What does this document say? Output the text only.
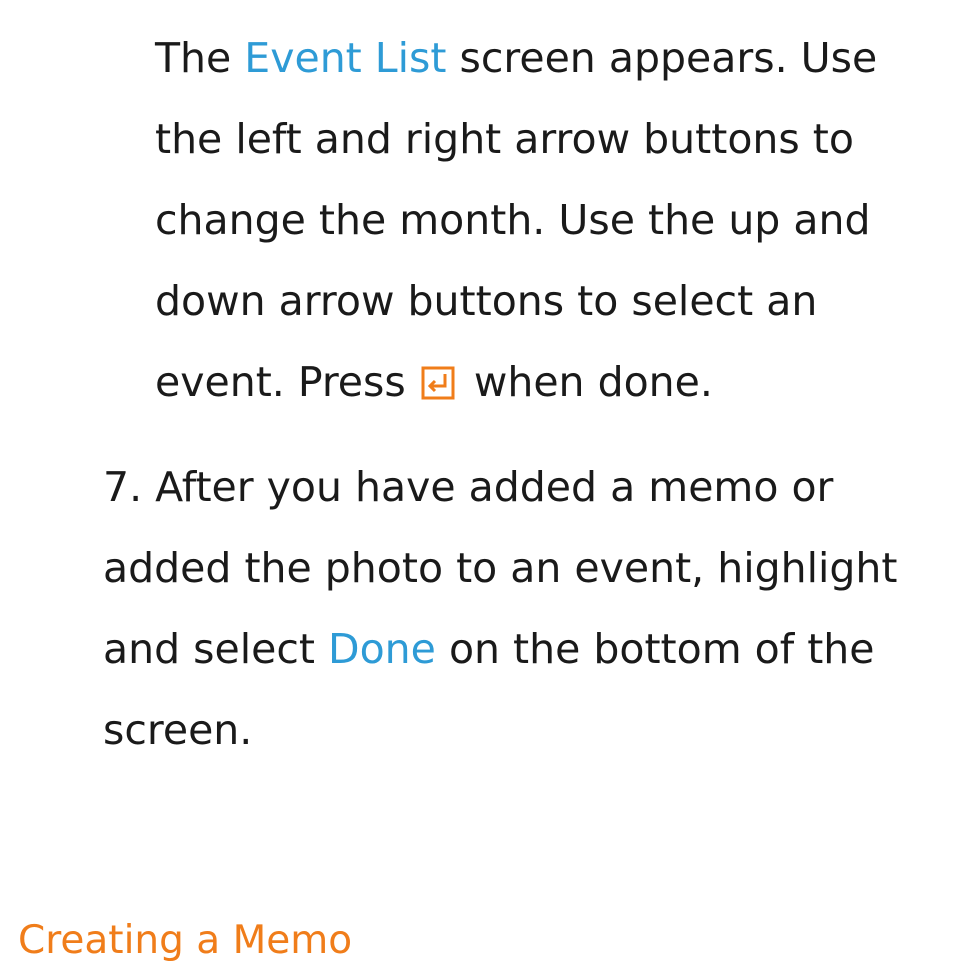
The Event List screen appears. Use
the left and right arrow buttons to
change the month. Use the up and
down arrow buttons to select an
event. Press  when done.
7. After you have added a memo or
added the photo to an event, highlight
and select Done on the bottom of the
screen.
Creating a Memo
